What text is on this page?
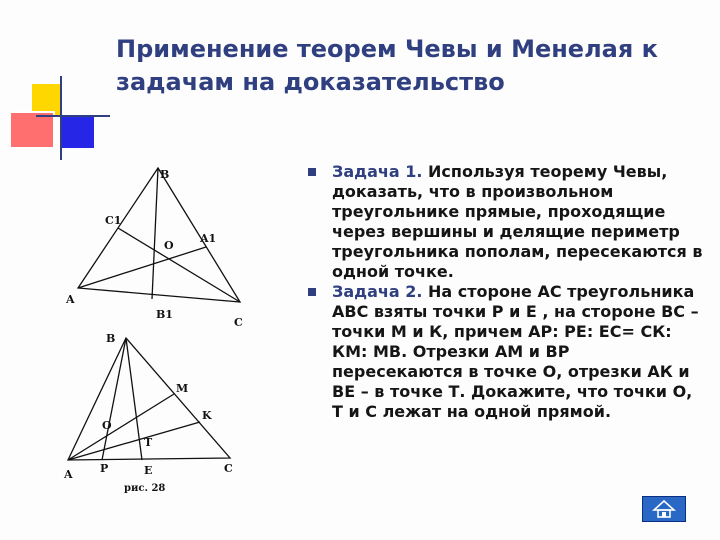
Применение теорем Чевы и Менелая к задачам на доказательство
B
C1
O
A1
A
B1
C
B
M
K
O
T
A P	E	C
рис. 28

Задача 1. Используя теорему Чевы, доказать, что в произвольном треугольнике прямые, проходящие через вершины и делящие периметр треугольника пополам, пересекаются в одной точке.

Задача 2. На стороне АС треугольника АВС взяты точки Р и Е , на стороне ВС – точки М и К, причем АР: РЕ: ЕС= СК: КМ: МВ. Отрезки АМ и ВР пересекаются в точке О, отрезки АК и ВЕ – в точке Т. Докажите, что точки О, Т и С лежат на одной прямой.
